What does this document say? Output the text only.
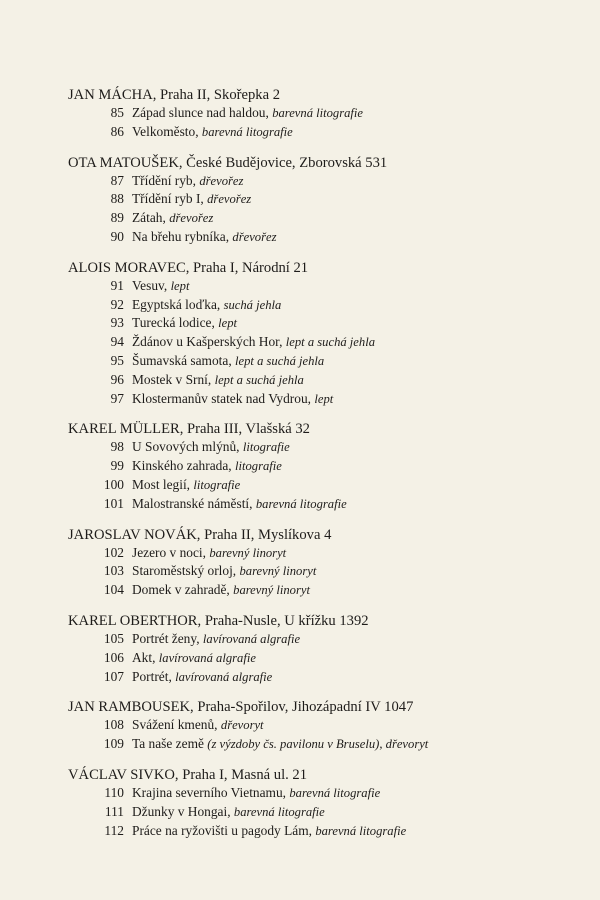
JAN MÁCHA, Praha II, Skořepka 2
85 Západ slunce nad haldou, barevná litografie
86 Velkoměsto, barevná litografie
OTA MATOUŠEK, České Budějovice, Zborovská 531
87 Třídění ryb, dřevořez
88 Třídění ryb I, dřevořez
89 Zátah, dřevořez
90 Na břehu rybníka, dřevořez
ALOIS MORAVEC, Praha I, Národní 21
91 Vesuv, lept
92 Egyptská loďka, suchá jehla
93 Turecká lodice, lept
94 Ždánov u Kašperských Hor, lept a suchá jehla
95 Šumavská samota, lept a suchá jehla
96 Mostek v Srní, lept a suchá jehla
97 Klostermanův statek nad Vydrou, lept
KAREL MÜLLER, Praha III, Vlašská 32
98 U Sovových mlýnů, litografie
99 Kinského zahrada, litografie
100 Most legií, litografie
101 Malostranské náměstí, barevná litografie
JAROSLAV NOVÁK, Praha II, Myslíkova 4
102 Jezero v noci, barevný linoryt
103 Staroměstský orloj, barevný linoryt
104 Domek v zahradě, barevný linoryt
KAREL OBERTHOR, Praha-Nusle, U křížku 1392
105 Portrét ženy, lavírovaná algrafie
106 Akt, lavírovaná algrafie
107 Portrét, lavírovaná algrafie
JAN RAMBOUSEK, Praha-Spořilov, Jihozápadní IV 1047
108 Svážení kmenů, dřevoryt
109 Ta naše země (z výzdoby čs. pavilonu v Bruselu), dřevoryt
VÁCLAV SIVKO, Praha I, Masná ul. 21
110 Krajina severního Vietnamu, barevná litografie
111 Džunky v Hongai, barevná litografie
112 Práce na ryžovišti u pagody Lám, barevná litografie
